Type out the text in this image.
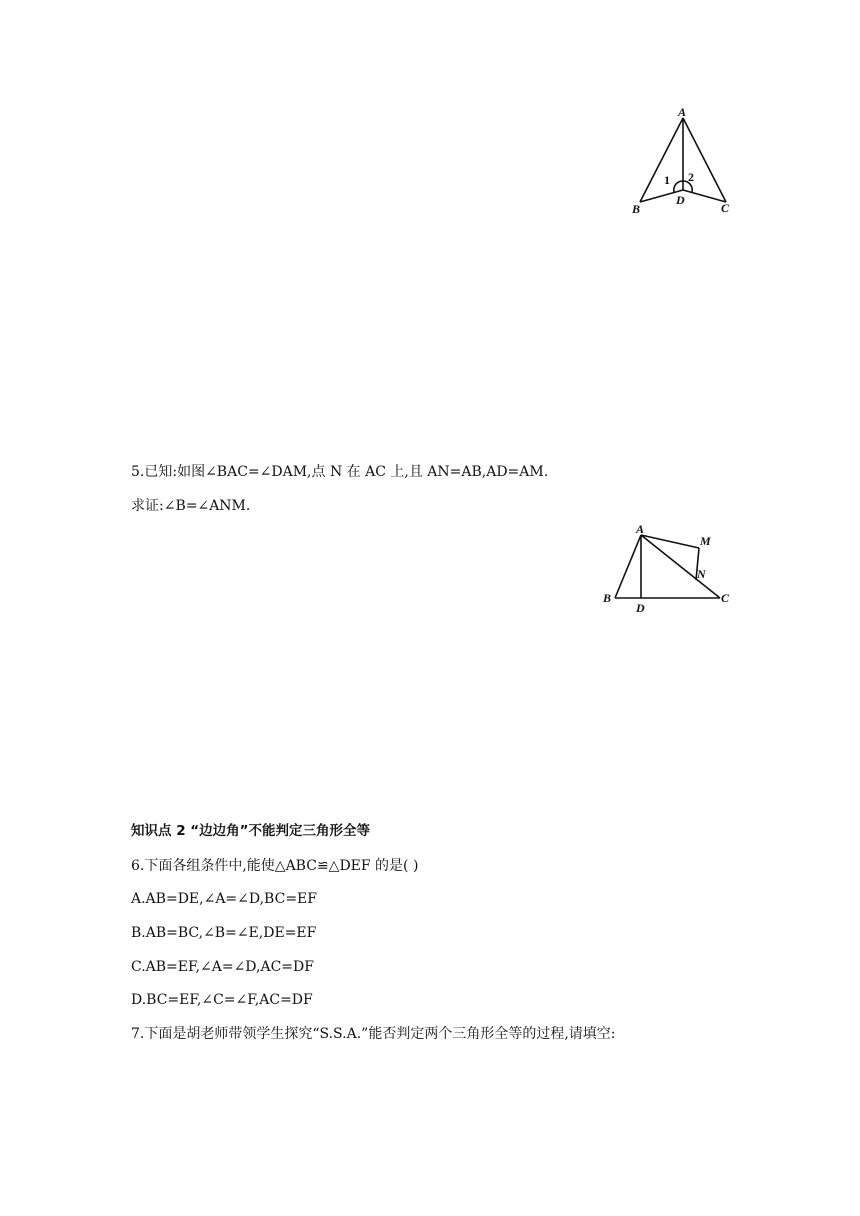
A
B	C
D
1 2
5.已知:如图∠BAC=∠DAM,点 N 在 AC 上,且 AN=AB,AD=AM.
求证:∠B=∠ANM.
A
B	C
D
M
N
知识点 2 “边边角”不能判定三角形全等
6.下面各组条件中,能使△ABC≌△DEF 的是( )
A.AB=DE,∠A=∠D,BC=EF
B.AB=BC,∠B=∠E,DE=EF
C.AB=EF,∠A=∠D,AC=DF
D.BC=EF,∠C=∠F,AC=DF
7.下面是胡老师带领学生探究“S.S.A.”能否判定两个三角形全等的过程,请填空:
